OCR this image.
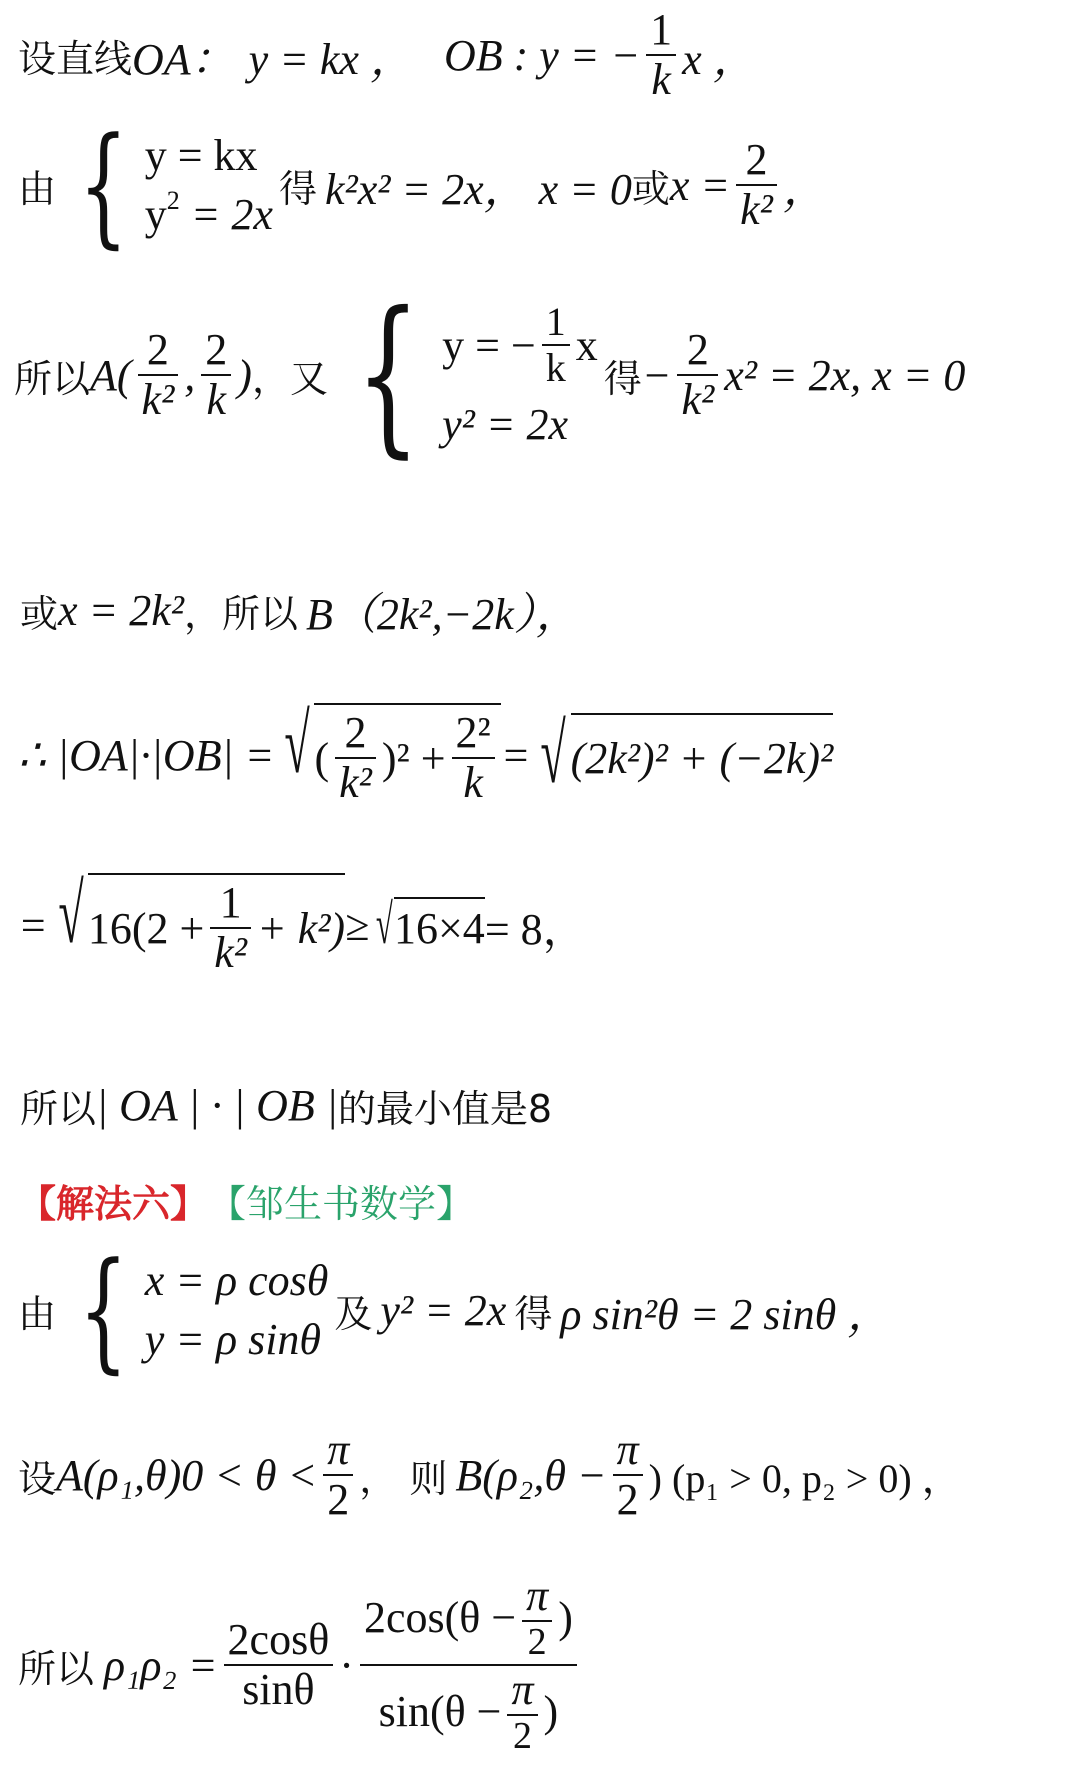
设直线 OA： y = kx ， OB : y = − $\frac{1}{k}$ x ，
由 { y = kx
$y^2 = 2x$
得 k²x² = 2x， x = 0 或 $x = \frac{2}{\text{k²}}$ ，
所以 $A( \frac{2}{\text{k²}}$ , $\frac{2}{k}$ ) ，又 { y = − $\frac{1}{k}$ x
y² = 2x
得 − $\frac{2}{\text{k²}} x^2 = 2x$, x = 0
或 x = 2k² ，所以 B（2k²,−2k），
∴ |OA|·|OB| = √ ( $\frac{2}{\text{k²}} )^2 + \frac{\text{2²}}{k}$ = √ (2k²)² + (−2k)²
= √ $16(2 + \frac{1}{\text{k²}} + k^2)$ ≥ √ 16×4 = 8，
所以 | OA | · | OB | 的最小值是8
【解法六】 【邹生书数学】
由 { x = ρ cosθ
y = ρ sinθ
及 y² = 2x 得 ρ sin²θ = 2 sinθ ，
设 $A(\rho_1,\theta)0 < \theta < \frac{\pi}{2}$ ， 则 $B(\rho_2,\theta - \frac{\pi}{2}$ ) (p₁ > 0, p₂ > 0) ，
所以 $\rho_1\rho_2 = \frac{2\cos\theta}{\sin\theta} \cdot \frac{2\cos(\theta - \frac{\pi}{2} )}{\sin(\theta - \frac{\pi}{2} )}$
